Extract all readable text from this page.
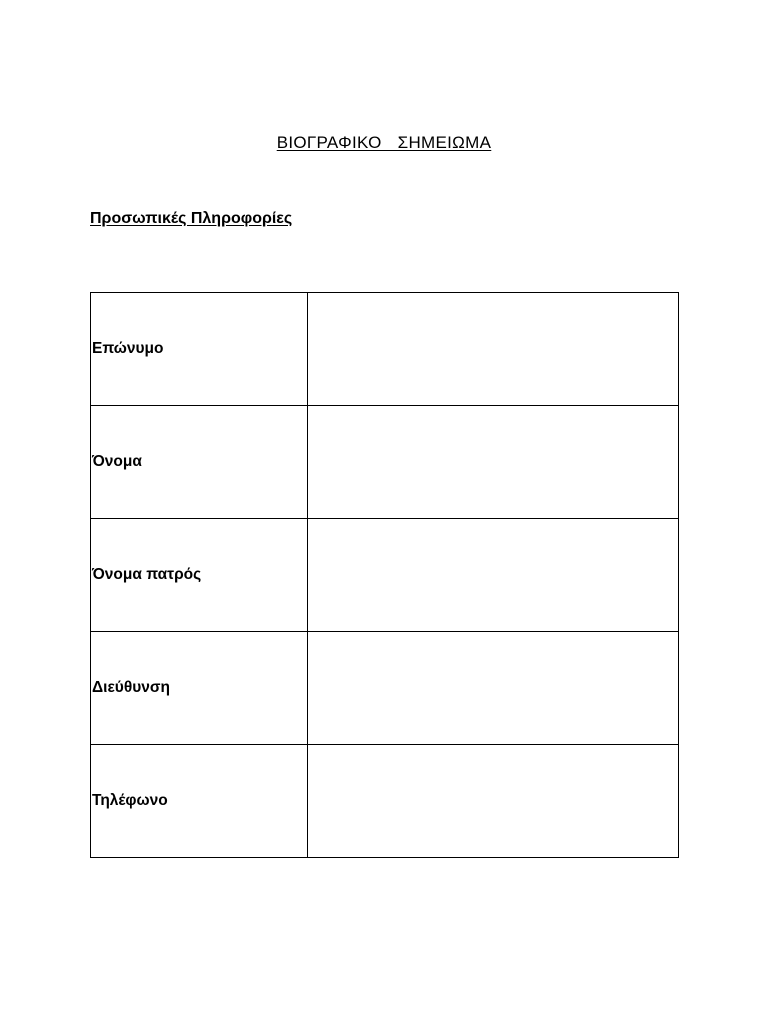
ΒΙΟΓΡΑΦΙΚΟ  ΣΗΜΕΙΩΜΑ
Προσωπικές Πληροφορίες
Επώνυμο	
Όνομα	
Όνομα πατρός	
Διεύθυνση	
Τηλέφωνο	
